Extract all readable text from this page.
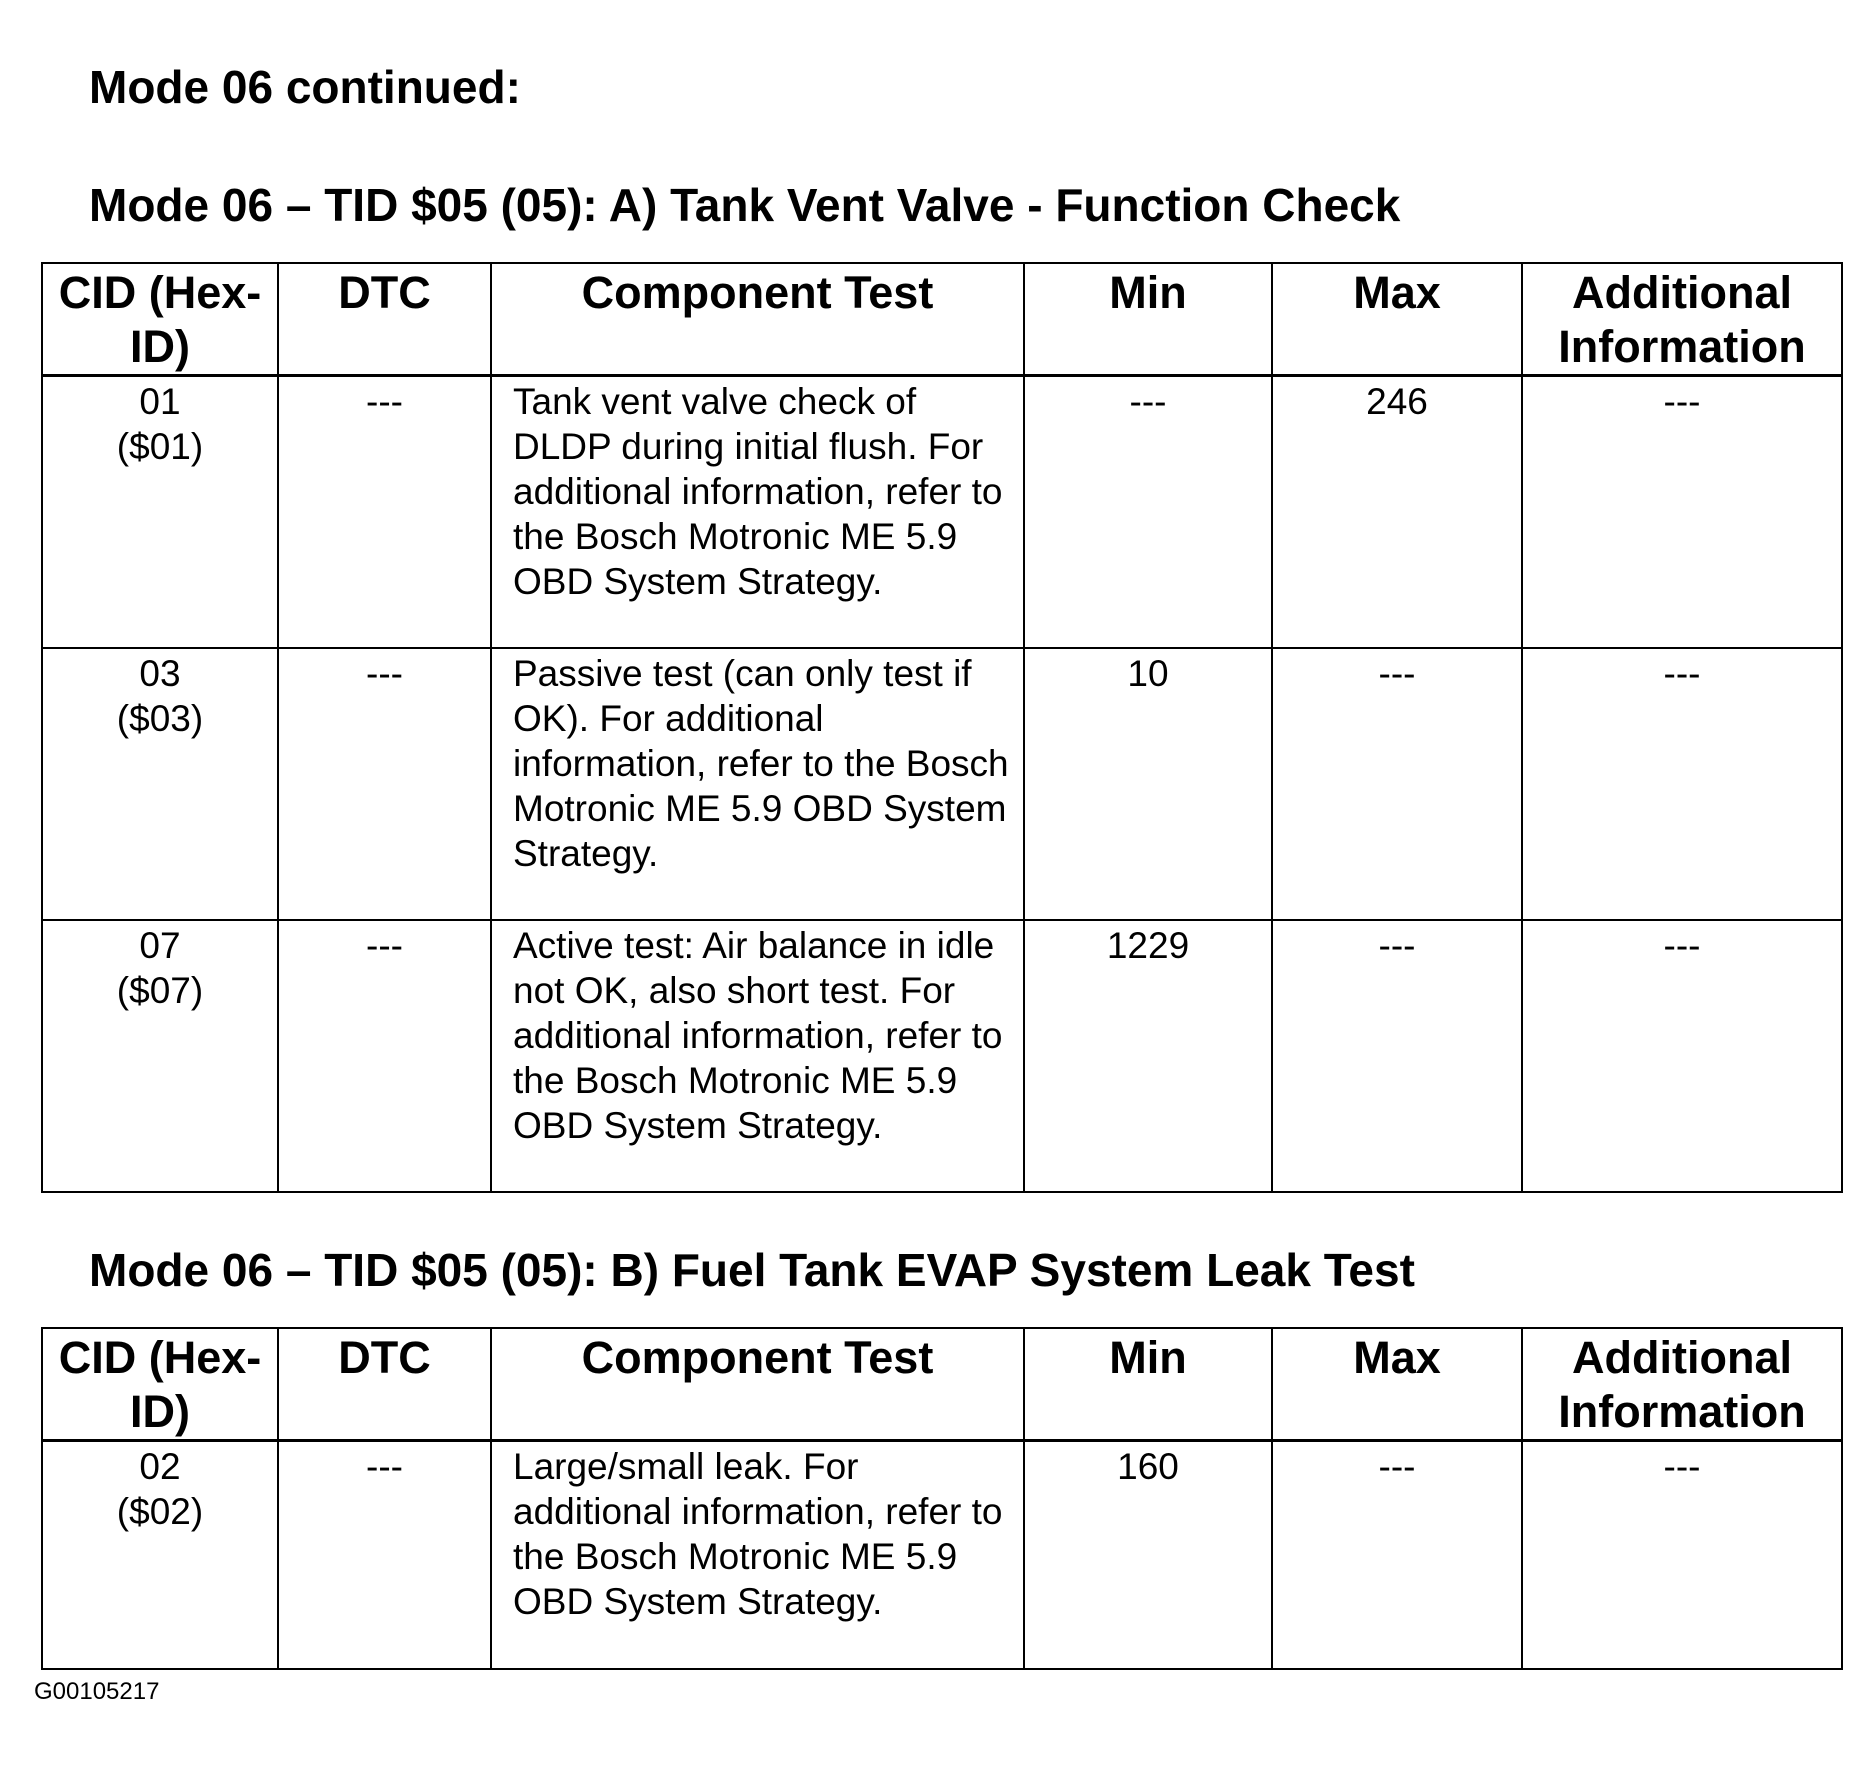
Mode 06 continued:
Mode 06 – TID $05 (05): A) Tank Vent Valve - Function Check
CID (Hex-ID)	DTC	Component Test	Min	Max	Additional Information

01
($01)	---	Tank vent valve check of DLDP during initial flush. For additional information, refer to the Bosch Motronic ME 5.9 OBD System Strategy.	---	246	---

03
($03)	---	Passive test (can only test if OK). For additional information, refer to the Bosch Motronic ME 5.9 OBD System Strategy.	10	---	---

07
($07)	---	Active test: Air balance in idle not OK, also short test. For additional information, refer to the Bosch Motronic ME 5.9 OBD System Strategy.	1229	---	---
Mode 06 – TID $05 (05): B) Fuel Tank EVAP System Leak Test
CID (Hex-ID)	DTC	Component Test	Min	Max	Additional Information

02
($02)	---	Large/small leak. For additional information, refer to the Bosch Motronic ME 5.9 OBD System Strategy.	160	---	---

G00105217
